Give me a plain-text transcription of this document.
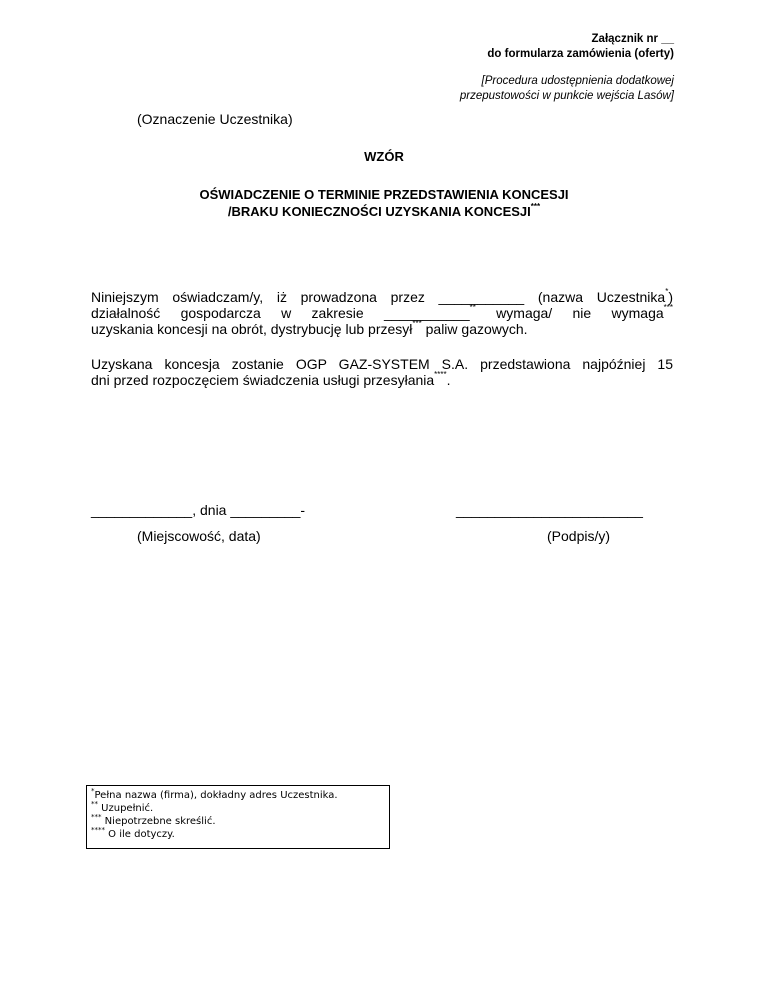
Załącznik nr __
do formularza zamówienia (oferty)
[Procedura udostępnienia dodatkowej
przepustowości w punkcie wejścia Lasów]
(Oznaczenie Uczestnika)
WZÓR
OŚWIADCZENIE O TERMINIE PRZEDSTAWIENIA KONCESJI
/BRAKU KONIECZNOŚCI UZYSKANIA KONCESJI***
Niniejszym oświadczam/y, iż prowadzona przez ___________ (nazwa Uczestnika*)
działalność gospodarcza w zakresie ___________** wymaga/ nie wymaga***
uzyskania koncesji na obrót, dystrybucję lub przesył*** paliw gazowych.
Uzyskana koncesja zostanie OGP GAZ-SYSTEM S.A. przedstawiona najpóźniej 15
dni przed rozpoczęciem świadczenia usługi przesyłania****.
_____________, dnia _________-	________________________
(Miejscowość, data)	(Podpis/y)
*Pełna nazwa (firma), dokładny adres Uczestnika.
** Uzupełnić.
*** Niepotrzebne skreślić.
**** O ile dotyczy.
